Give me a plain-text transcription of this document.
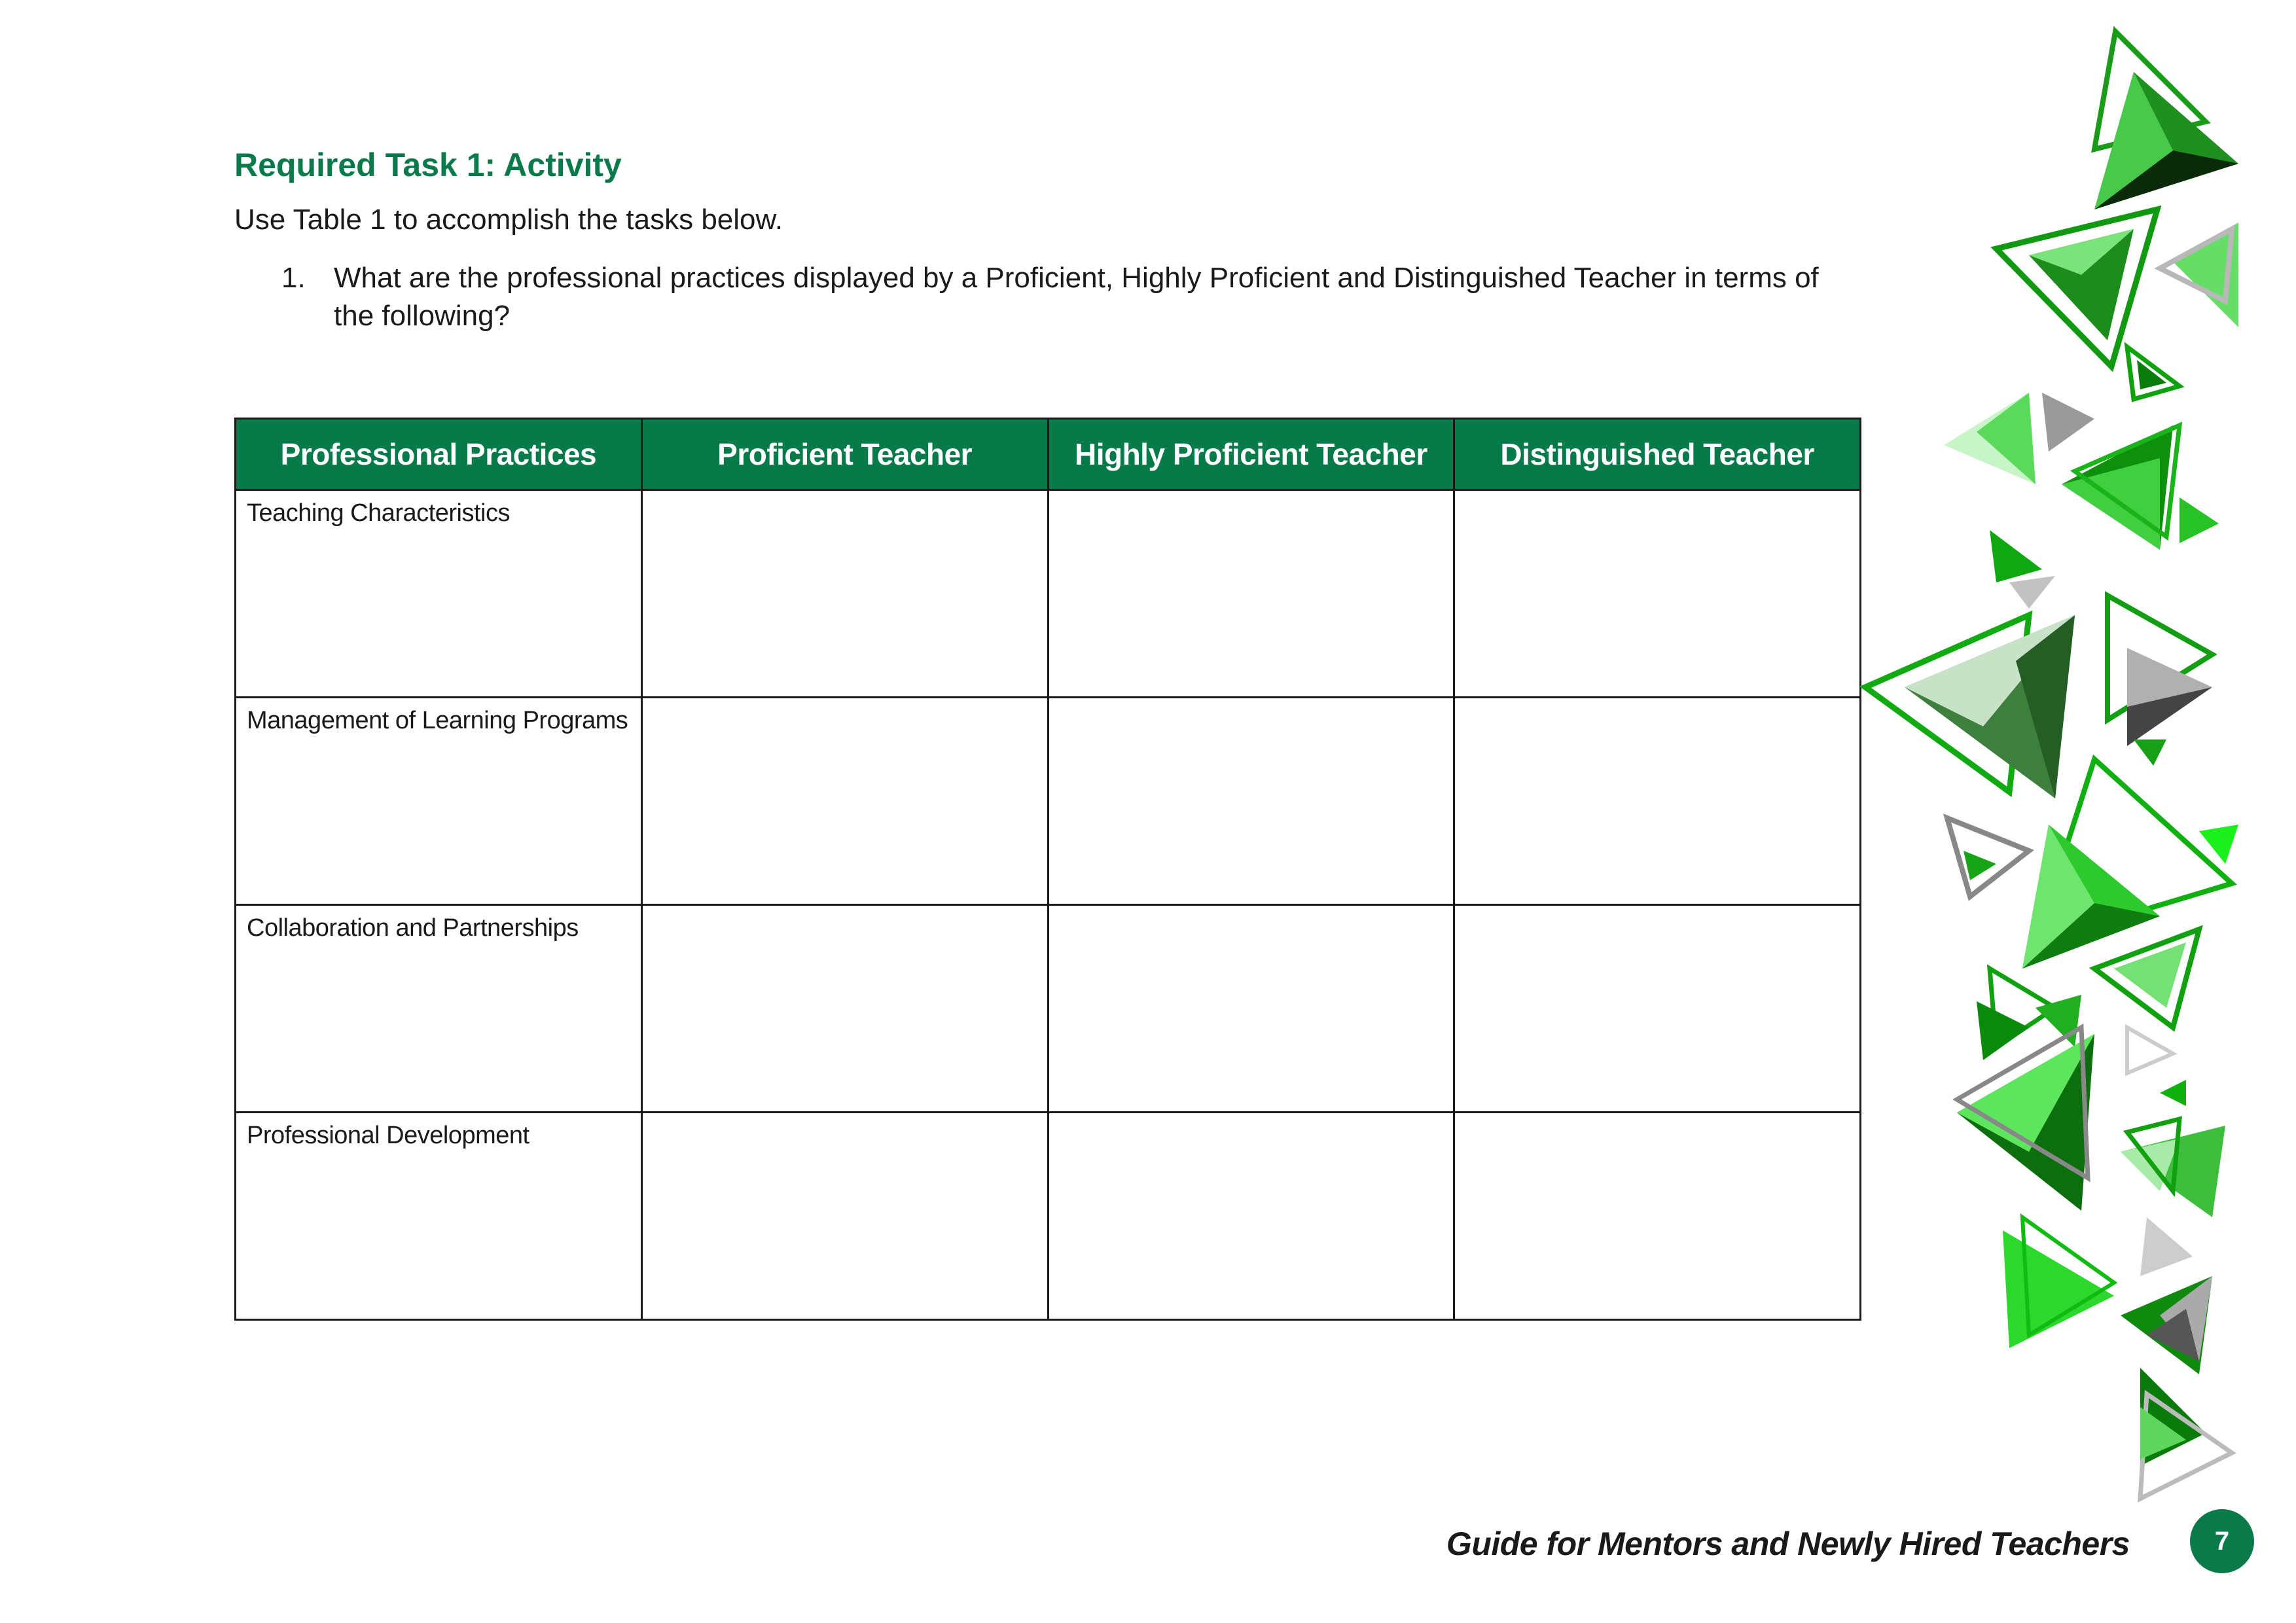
Required Task 1: Activity

Use Table 1 to accomplish the tasks below.

1. What are the professional practices displayed by a Proficient, Highly Proficient and Distinguished Teacher in terms of the following?
Professional Practices	Proficient Teacher	Highly Proficient Teacher	Distinguished Teacher
Teaching Characteristics			
Management of Learning Programs			
Collaboration and Partnerships			
Professional Development			
Guide for Mentors and Newly Hired Teachers	7
